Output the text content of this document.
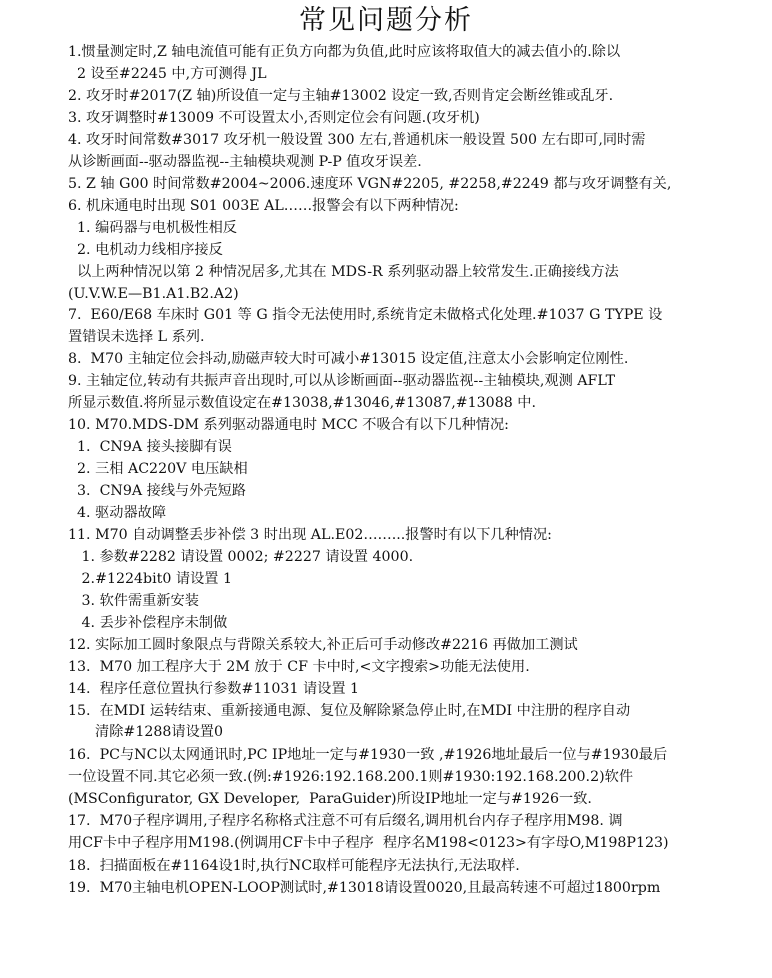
常见问题分析
1.惯量测定时,Z 轴电流值可能有正负方向都为负值,此时应该将取值大的减去值小的.除以
2 设至#2245 中,方可测得 JL
2. 攻牙时#2017(Z 轴)所设值一定与主轴#13002 设定一致,否则肯定会断丝锥或乱牙.
3. 攻牙调整时#13009 不可设置太小,否则定位会有问题.(攻牙机)
4. 攻牙时间常数#3017 攻牙机一般设置 300 左右,普通机床一般设置 500 左右即可,同时需
从诊断画面--驱动器监视--主轴模块观测 P-P 值攻牙误差.
5. Z 轴 G00 时间常数#2004~2006.速度环 VGN#2205, #2258,#2249 都与攻牙调整有关,
6. 机床通电时出现 S01 003E AL……报警会有以下两种情况:
1. 编码器与电机极性相反
2. 电机动力线相序接反
以上两种情况以第 2 种情况居多,尤其在 MDS-R 系列驱动器上较常发生.正确接线方法
(U.V.W.E—B1.A1.B2.A2)
7.  E60/E68 车床时 G01 等 G 指令无法使用时,系统肯定未做格式化处理.#1037 G TYPE 设
置错误未选择 L 系列.
8.  M70 主轴定位会抖动,励磁声较大时可减小#13015 设定值,注意太小会影响定位刚性.
9. 主轴定位,转动有共振声音出现时,可以从诊断画面--驱动器监视--主轴模块,观测 AFLT
所显示数值.将所显示数值设定在#13038,#13046,#13087,#13088 中.
10. M70.MDS-DM 系列驱动器通电时 MCC 不吸合有以下几种情况:
1.  CN9A 接头接脚有误
2. 三相 AC220V 电压缺相
3.  CN9A 接线与外壳短路
4. 驱动器故障
11. M70 自动调整丢步补偿 3 时出现 AL.E02……...报警时有以下几种情况:
1. 参数#2282 请设置 0002; #2227 请设置 4000.
2.#1224bit0 请设置 1
3. 软件需重新安装
4. 丢步补偿程序未制做
12. 实际加工圆时象限点与背隙关系较大,补正后可手动修改#2216 再做加工测试
13.  M70 加工程序大于 2M 放于 CF 卡中时,<文字搜索>功能无法使用.
14.  程序任意位置执行参数#11031 请设置 1
15.  在MDI 运转结束、重新接通电源、复位及解除紧急停止时,在MDI 中注册的程序自动
清除#1288请设置0
16.  PC与NC以太网通讯时,PC IP地址一定与#1930一致 ,#1926地址最后一位与#1930最后
一位设置不同.其它必须一致.(例:#1926:192.168.200.1则#1930:192.168.200.2)软件
(MSConfigurator, GX Developer,  ParaGuider)所设IP地址一定与#1926一致.
17.  M70子程序调用,子程序名称格式注意不可有后缀名,调用机台内存子程序用M98. 调
用CF卡中子程序用M198.(例调用CF卡中子程序  程序名M198<0123>有字母O,M198P123)
18.  扫描面板在#1164设1时,执行NC取样可能程序无法执行,无法取样.
19.  M70主轴电机OPEN-LOOP测试时,#13018请设置0020,且最高转速不可超过1800rpm
